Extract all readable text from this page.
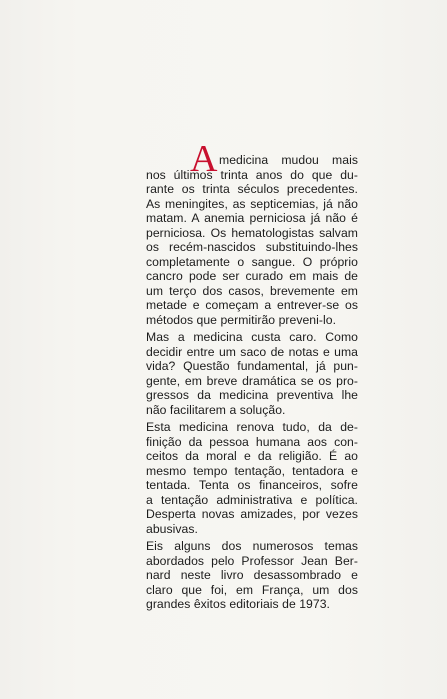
A medicina mudou mais
nos últimos trinta anos do que du-
rante os trinta séculos precedentes.
As meningites, as septicemias, já não
matam. A anemia perniciosa já não é
perniciosa. Os hematologistas salvam
os recém-nascidos substituindo-lhes
completamente o sangue. O próprio
cancro pode ser curado em mais de
um terço dos casos, brevemente em
metade e começam a entrever-se os
métodos que permitirão preveni-lo.
Mas a medicina custa caro. Como
decidir entre um saco de notas e uma
vida? Questão fundamental, já pun-
gente, em breve dramática se os pro-
gressos da medicina preventiva lhe
não facilitarem a solução.
Esta medicina renova tudo, da de-
finição da pessoa humana aos con-
ceitos da moral e da religião. É ao
mesmo tempo tentação, tentadora e
tentada. Tenta os financeiros, sofre
a tentação administrativa e política.
Desperta novas amizades, por vezes
abusivas.
Eis alguns dos numerosos temas
abordados pelo Professor Jean Ber-
nard neste livro desassombrado e
claro que foi, em França, um dos
grandes êxitos editoriais de 1973.
